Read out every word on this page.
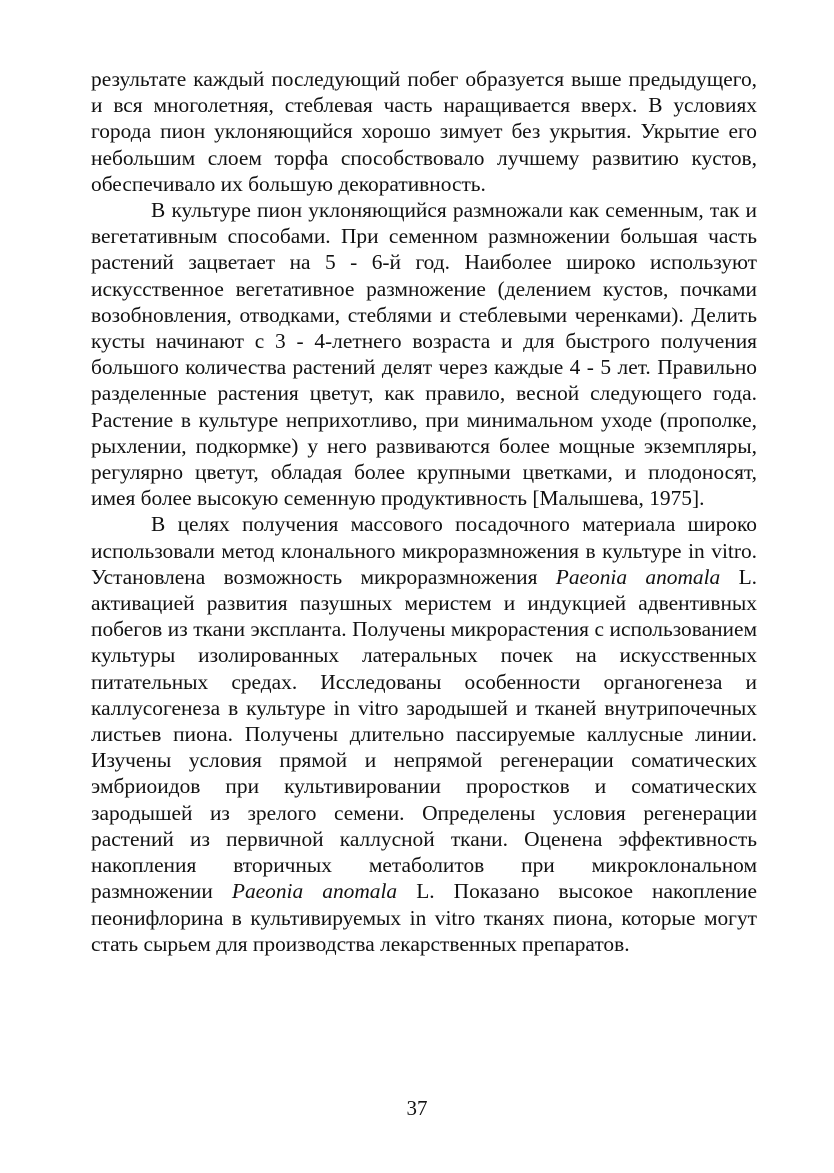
результате каждый последующий побег образуется выше предыдущего, и вся многолетняя, стеблевая часть наращивается вверх. В условиях города пион уклоняющийся хорошо зимует без укрытия. Укрытие его небольшим слоем торфа способствовало лучшему развитию кустов, обеспечивало их большую декоративность.

В культуре пион уклоняющийся размножали как семенным, так и вегетативным способами. При семенном размножении большая часть растений зацветает на 5 - 6-й год. Наиболее широко используют искусственное вегетативное размножение (делением кустов, почками возобновления, отводками, стеблями и стеблевыми черенками). Делить кусты начинают с 3 - 4-летнего возраста и для быстрого получения большого количества растений делят через каждые 4 - 5 лет. Правильно разделенные растения цветут, как правило, весной следующего года. Растение в культуре неприхотливо, при минимальном уходе (прополке, рыхлении, подкормке) у него развиваются более мощные экземпляры, регулярно цветут, обладая более крупными цветками, и плодоносят, имея более высокую семенную продуктивность [Малышева, 1975].

В целях получения массового посадочного материала широко использовали метод клонального микроразмножения в культуре in vitro. Установлена возможность микроразмножения Paeonia anomala L. активацией развития пазушных меристем и индукцией адвентивных побегов из ткани экспланта. Получены микрорастения с использованием культуры изолированных латеральных почек на искусственных питательных средах. Исследованы особенности органогенеза и каллусогенеза в культуре in vitro зародышей и тканей внутрипочечных листьев пиона. Получены длительно пассируемые каллусные линии. Изучены условия прямой и непрямой регенерации соматических эмбриоидов при культивировании проростков и соматических зародышей из зрелого семени. Определены условия регенерации растений из первичной каллусной ткани. Оценена эффективность накопления вторичных метаболитов при микроклональном размножении Paeonia anomala L. Показано высокое накопление пеонифлорина в культивируемых in vitro тканях пиона, которые могут стать сырьем для производства лекарственных препаратов.

37
